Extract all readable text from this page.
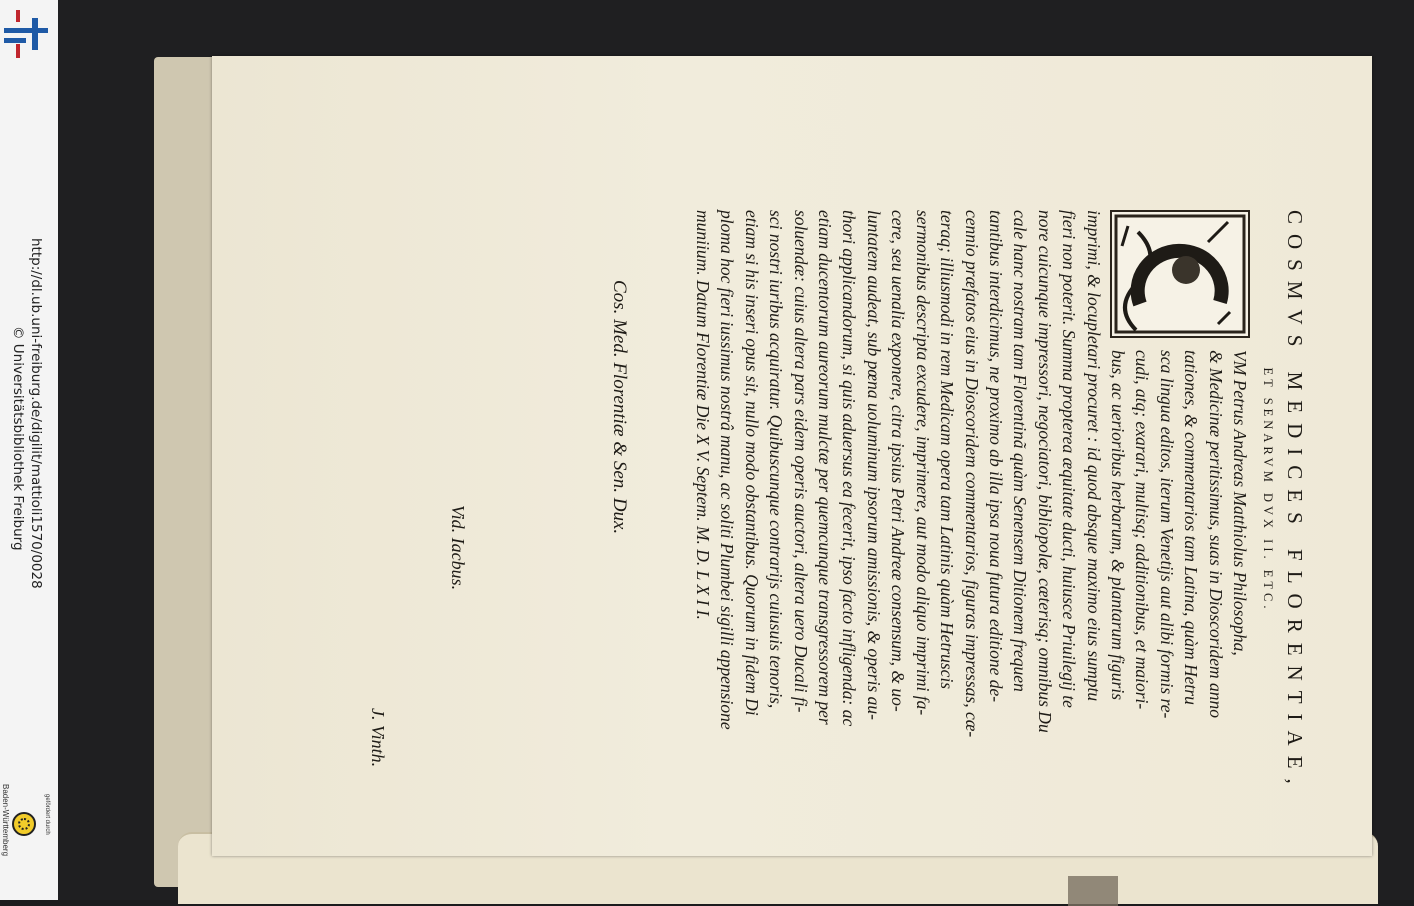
http://dl.ub.uni-freiburg.de/digilit/mattioli1570/0028
© Universitätsbibliothek Freiburg
Baden-Württemberg	gefördert durch
COSMVS MEDICES FLORENTIAE,
ET SENARVM DVX II. ETC.
VM Petrus Andreas Matthiolus Philosopha,
& Medicinæ peritissimus, suas in Dioscoridem anno
tationes, & commentarios tam Latina, quàm Hetru
sca lingua editos, iterum Venetijs aut alibi formis re-
cudi, atq; exarari, multisq; additionibus, et maiori-
bus, ac uerioribus herbarum, & plantarum figuris
imprimi, & locupletari procuret : id quod absque maximo eius sumptu
fieri non poterit. Summa propterea æquitate ducti, huiusce Priuilegij te
nore cuicunque impressori, negociatori, bibliopolæ, cæterisq; omnibus Du
cale hanc nostram tam Florentinã quàm Senensem Ditionem frequen
tantibus interdicimus, ne proximo ab illa ipsa noua futura editione de-
cennio præfatos eius in Dioscoridem commentarios, figuras impressas, cæ-
teraq; illiusmodi in rem Medicam opera tam Latinis quàm Hetruscis
sermonibus descripta excudere, imprimere, aut modo aliquo imprimi fa-
cere, seu uenalia exponere, citra ipsius Petri Andreæ consensum, & uo-
luntatem audeat, sub pœna uoluminum ipsorum amissionis, & operis au-
thori applicandorum, si quis aduersus ea fecerit, ipso facto infligenda: ac
etiam ducentorum aureorum mulctæ per quemcunque transgressorem per
soluendæ: cuius altera pars eidem operis auctori, altera uero Ducali fi-
sci nostri iuribus acquiratur. Quibuscunque contrarijs cuiusuis tenoris,
etiam si his inseri opus sit, nullo modo obstantibus. Quorum in fidem Di
ploma hoc fieri iussimus nostrâ manu, ac soliti Plumbei sigilli appensione
muniium. Datum Florentiæ Die X V. Septem. M. D. L X I I.
Cos. Med. Florentiæ & Sen. Dux.
Vid. Iacbus.
J. Vinth.
